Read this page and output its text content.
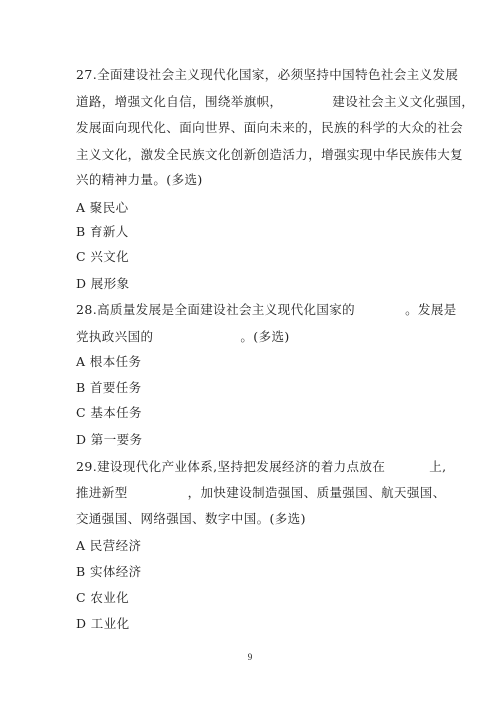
27.全面建设社会主义现代化国家，必须坚持中国特色社会主义发展
道路，增强文化自信，围绕举旗帜，	建设社会主义文化强国，
发展面向现代化、面向世界、面向未来的，民族的科学的大众的社会
主义文化，激发全民族文化创新创造活力，增强实现中华民族伟大复
兴的精神力量。(多选)
A 聚民心
B 育新人
C 兴文化
D 展形象
28.高质量发展是全面建设社会主义现代化国家的	。发展是
党执政兴国的	。(多选)
A 根本任务
B 首要任务
C 基本任务
D 第一要务
29.建设现代化产业体系,坚持把发展经济的着力点放在	上,
推进新型	，加快建设制造强国、质量强国、航天强国、
交通强国、网络强国、数字中国。(多选)
A 民营经济
B 实体经济
C 农业化
D 工业化
9
